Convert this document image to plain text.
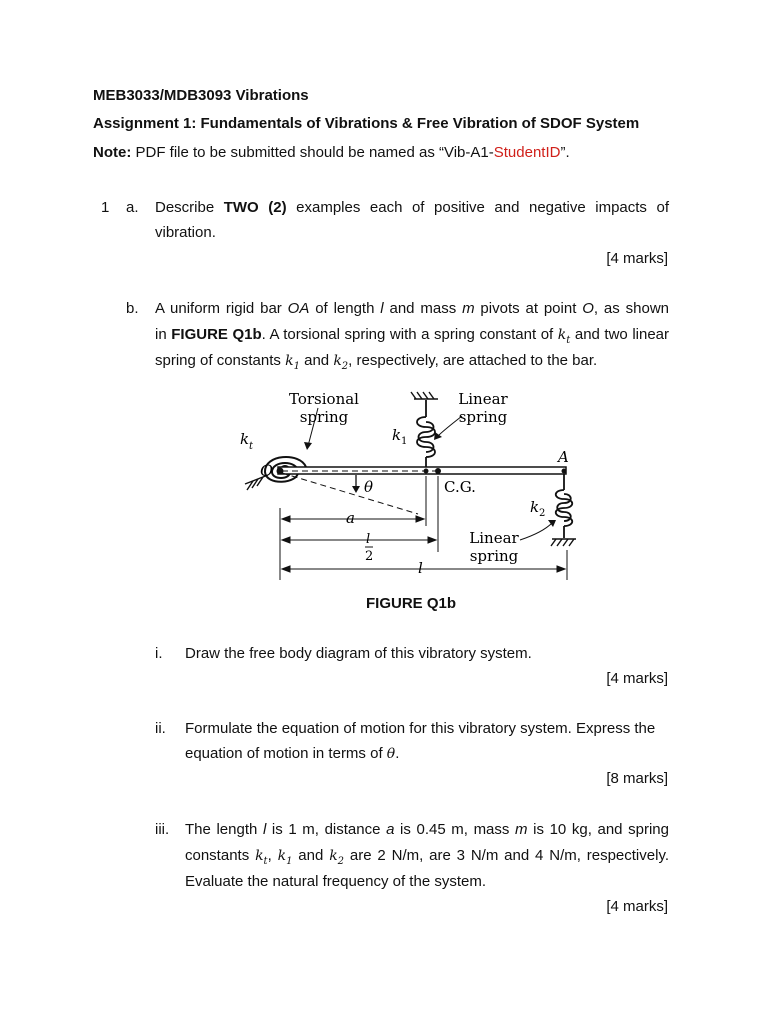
MEB3033/MDB3093 Vibrations
Assignment 1: Fundamentals of Vibrations & Free Vibration of SDOF System
Note: PDF file to be submitted should be named as “Vib-A1-StudentID”.
1 a. Describe TWO (2) examples each of positive and negative impacts of
vibration.
[4 marks]
b. A uniform rigid bar OA of length l and mass m pivots at point O, as shown
in FIGURE Q1b. A torsional spring with a spring constant of $k_t$ and two linear
spring of constants $k_1$ and $k_2$, respectively, are attached to the bar.
Torsional
spring
Linear
spring
Linear
spring
k t
k 1
k 2
O
A
θ	C.G.
a
l
2
l
FIGURE Q1b
i. Draw the free body diagram of this vibratory system.
[4 marks]
ii. Formulate the equation of motion for this vibratory system. Express the
equation of motion in terms of θ.
[8 marks]
iii. The length l is 1 m, distance a is 0.45 m, mass m is 10 kg, and spring
constants $k_t$, $k_1$ and $k_2$ are 2 N/m, are 3 N/m and 4 N/m, respectively.
Evaluate the natural frequency of the system.
[4 marks]
